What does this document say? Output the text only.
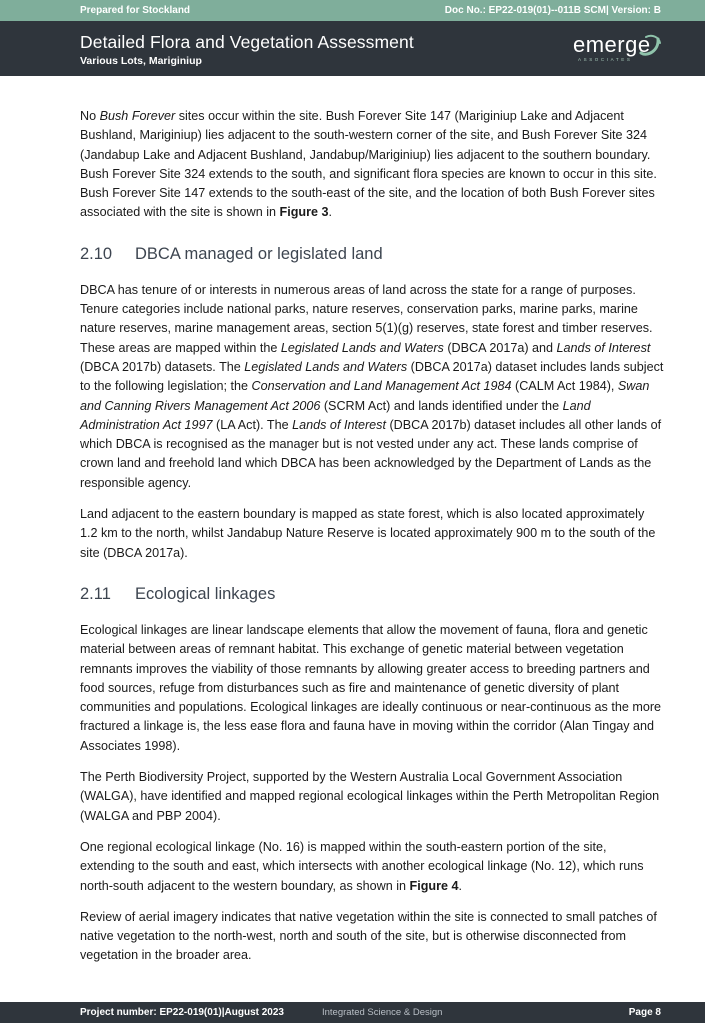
Prepared for Stockland	Doc No.: EP22-019(01)--011B SCM| Version: B
Detailed Flora and Vegetation Assessment
Various Lots, Mariginiup
emerge
ASSOCIATES

No Bush Forever sites occur within the site. Bush Forever Site 147 (Mariginiup Lake and Adjacent Bushland, Mariginiup) lies adjacent to the south-western corner of the site, and Bush Forever Site 324 (Jandabup Lake and Adjacent Bushland, Jandabup/Mariginiup) lies adjacent to the southern boundary. Bush Forever Site 324 extends to the south, and significant flora species are known to occur in this site. Bush Forever Site 147 extends to the south-east of the site, and the location of both Bush Forever sites associated with the site is shown in Figure 3.

2.10 DBCA managed or legislated land

DBCA has tenure of or interests in numerous areas of land across the state for a range of purposes. Tenure categories include national parks, nature reserves, conservation parks, marine parks, marine nature reserves, marine management areas, section 5(1)(g) reserves, state forest and timber reserves. These areas are mapped within the Legislated Lands and Waters (DBCA 2017a) and Lands of Interest (DBCA 2017b) datasets. The Legislated Lands and Waters (DBCA 2017a) dataset includes lands subject to the following legislation; the Conservation and Land Management Act 1984 (CALM Act 1984), Swan and Canning Rivers Management Act 2006 (SCRM Act) and lands identified under the Land Administration Act 1997 (LA Act). The Lands of Interest (DBCA 2017b) dataset includes all other lands of which DBCA is recognised as the manager but is not vested under any act. These lands comprise of crown land and freehold land which DBCA has been acknowledged by the Department of Lands as the responsible agency.

Land adjacent to the eastern boundary is mapped as state forest, which is also located approximately 1.2 km to the north, whilst Jandabup Nature Reserve is located approximately 900 m to the south of the site (DBCA 2017a).

2.11 Ecological linkages

Ecological linkages are linear landscape elements that allow the movement of fauna, flora and genetic material between areas of remnant habitat. This exchange of genetic material between vegetation remnants improves the viability of those remnants by allowing greater access to breeding partners and food sources, refuge from disturbances such as fire and maintenance of genetic diversity of plant communities and populations. Ecological linkages are ideally continuous or near-continuous as the more fractured a linkage is, the less ease flora and fauna have in moving within the corridor (Alan Tingay and Associates 1998).

The Perth Biodiversity Project, supported by the Western Australia Local Government Association (WALGA), have identified and mapped regional ecological linkages within the Perth Metropolitan Region (WALGA and PBP 2004).

One regional ecological linkage (No. 16) is mapped within the south-eastern portion of the site, extending to the south and east, which intersects with another ecological linkage (No. 12), which runs north-south adjacent to the western boundary, as shown in Figure 4.

Review of aerial imagery indicates that native vegetation within the site is connected to small patches of native vegetation to the north-west, north and south of the site, but is otherwise disconnected from vegetation in the broader area.

Project number: EP22-019(01)|August 2023	Integrated Science & Design	Page 8
